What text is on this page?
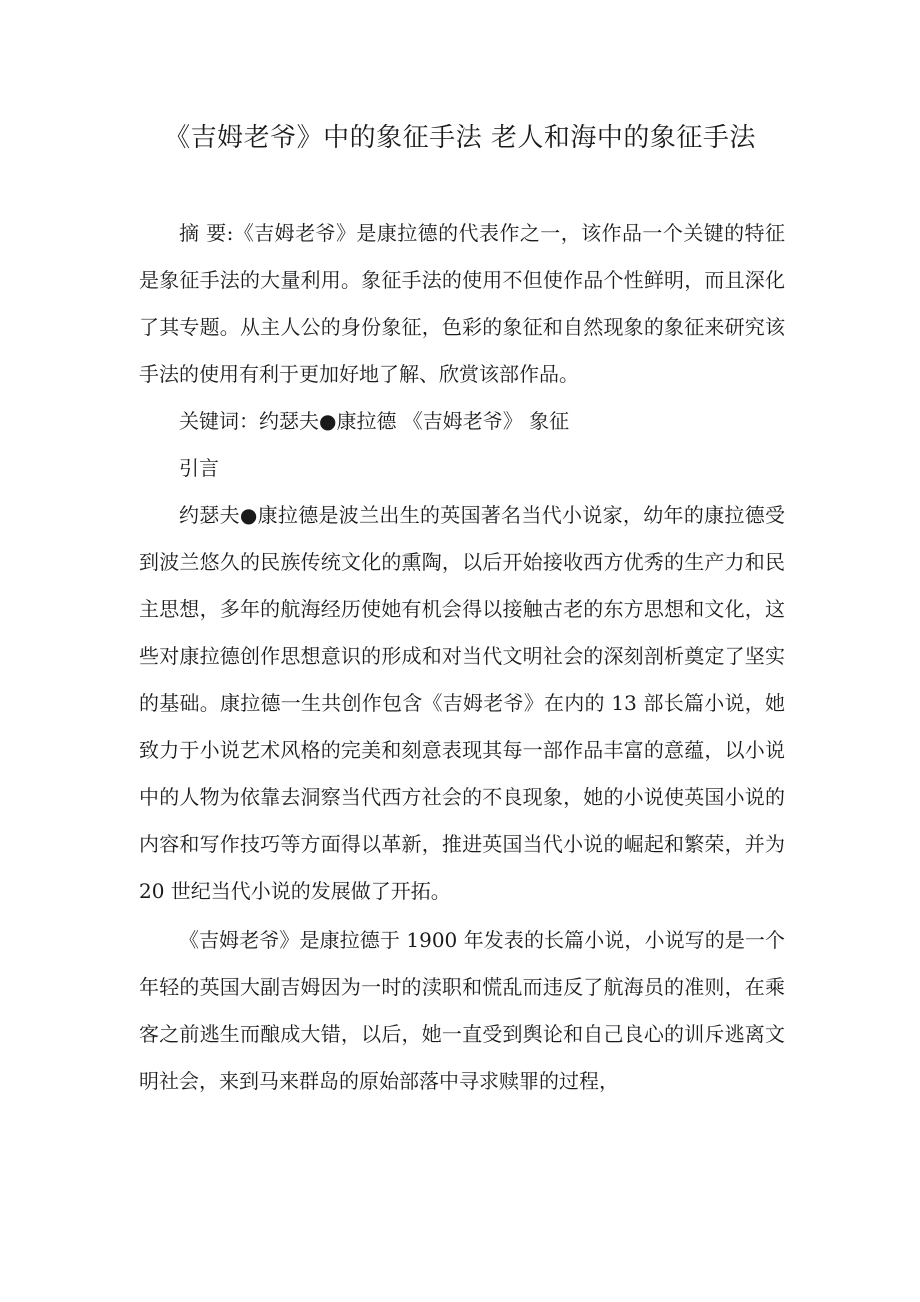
《吉姆老爷》中的象征手法 老人和海中的象征手法

摘 要:《吉姆老爷》是康拉德的代表作之一，该作品一个关键的特征是象征手法的大量利用。象征手法的使用不但使作品个性鲜明，而且深化了其专题。从主人公的身份象征，色彩的象征和自然现象的象征来研究该手法的使用有利于更加好地了解、欣赏该部作品。

关键词：约瑟夫●康拉德 《吉姆老爷》 象征

引言

约瑟夫●康拉德是波兰出生的英国著名当代小说家，幼年的康拉德受到波兰悠久的民族传统文化的熏陶，以后开始接收西方优秀的生产力和民主思想，多年的航海经历使她有机会得以接触古老的东方思想和文化，这些对康拉德创作思想意识的形成和对当代文明社会的深刻剖析奠定了坚实的基础。康拉德一生共创作包含《吉姆老爷》在内的 13 部长篇小说，她致力于小说艺术风格的完美和刻意表现其每一部作品丰富的意蕴，以小说中的人物为依靠去洞察当代西方社会的不良现象，她的小说使英国小说的内容和写作技巧等方面得以革新，推进英国当代小说的崛起和繁荣，并为 20 世纪当代小说的发展做了开拓。

《吉姆老爷》是康拉德于 1900 年发表的长篇小说，小说写的是一个年轻的英国大副吉姆因为一时的渎职和慌乱而违反了航海员的准则，在乘客之前逃生而酿成大错，以后，她一直受到舆论和自己良心的训斥逃离文明社会，来到马来群岛的原始部落中寻求赎罪的过程，
